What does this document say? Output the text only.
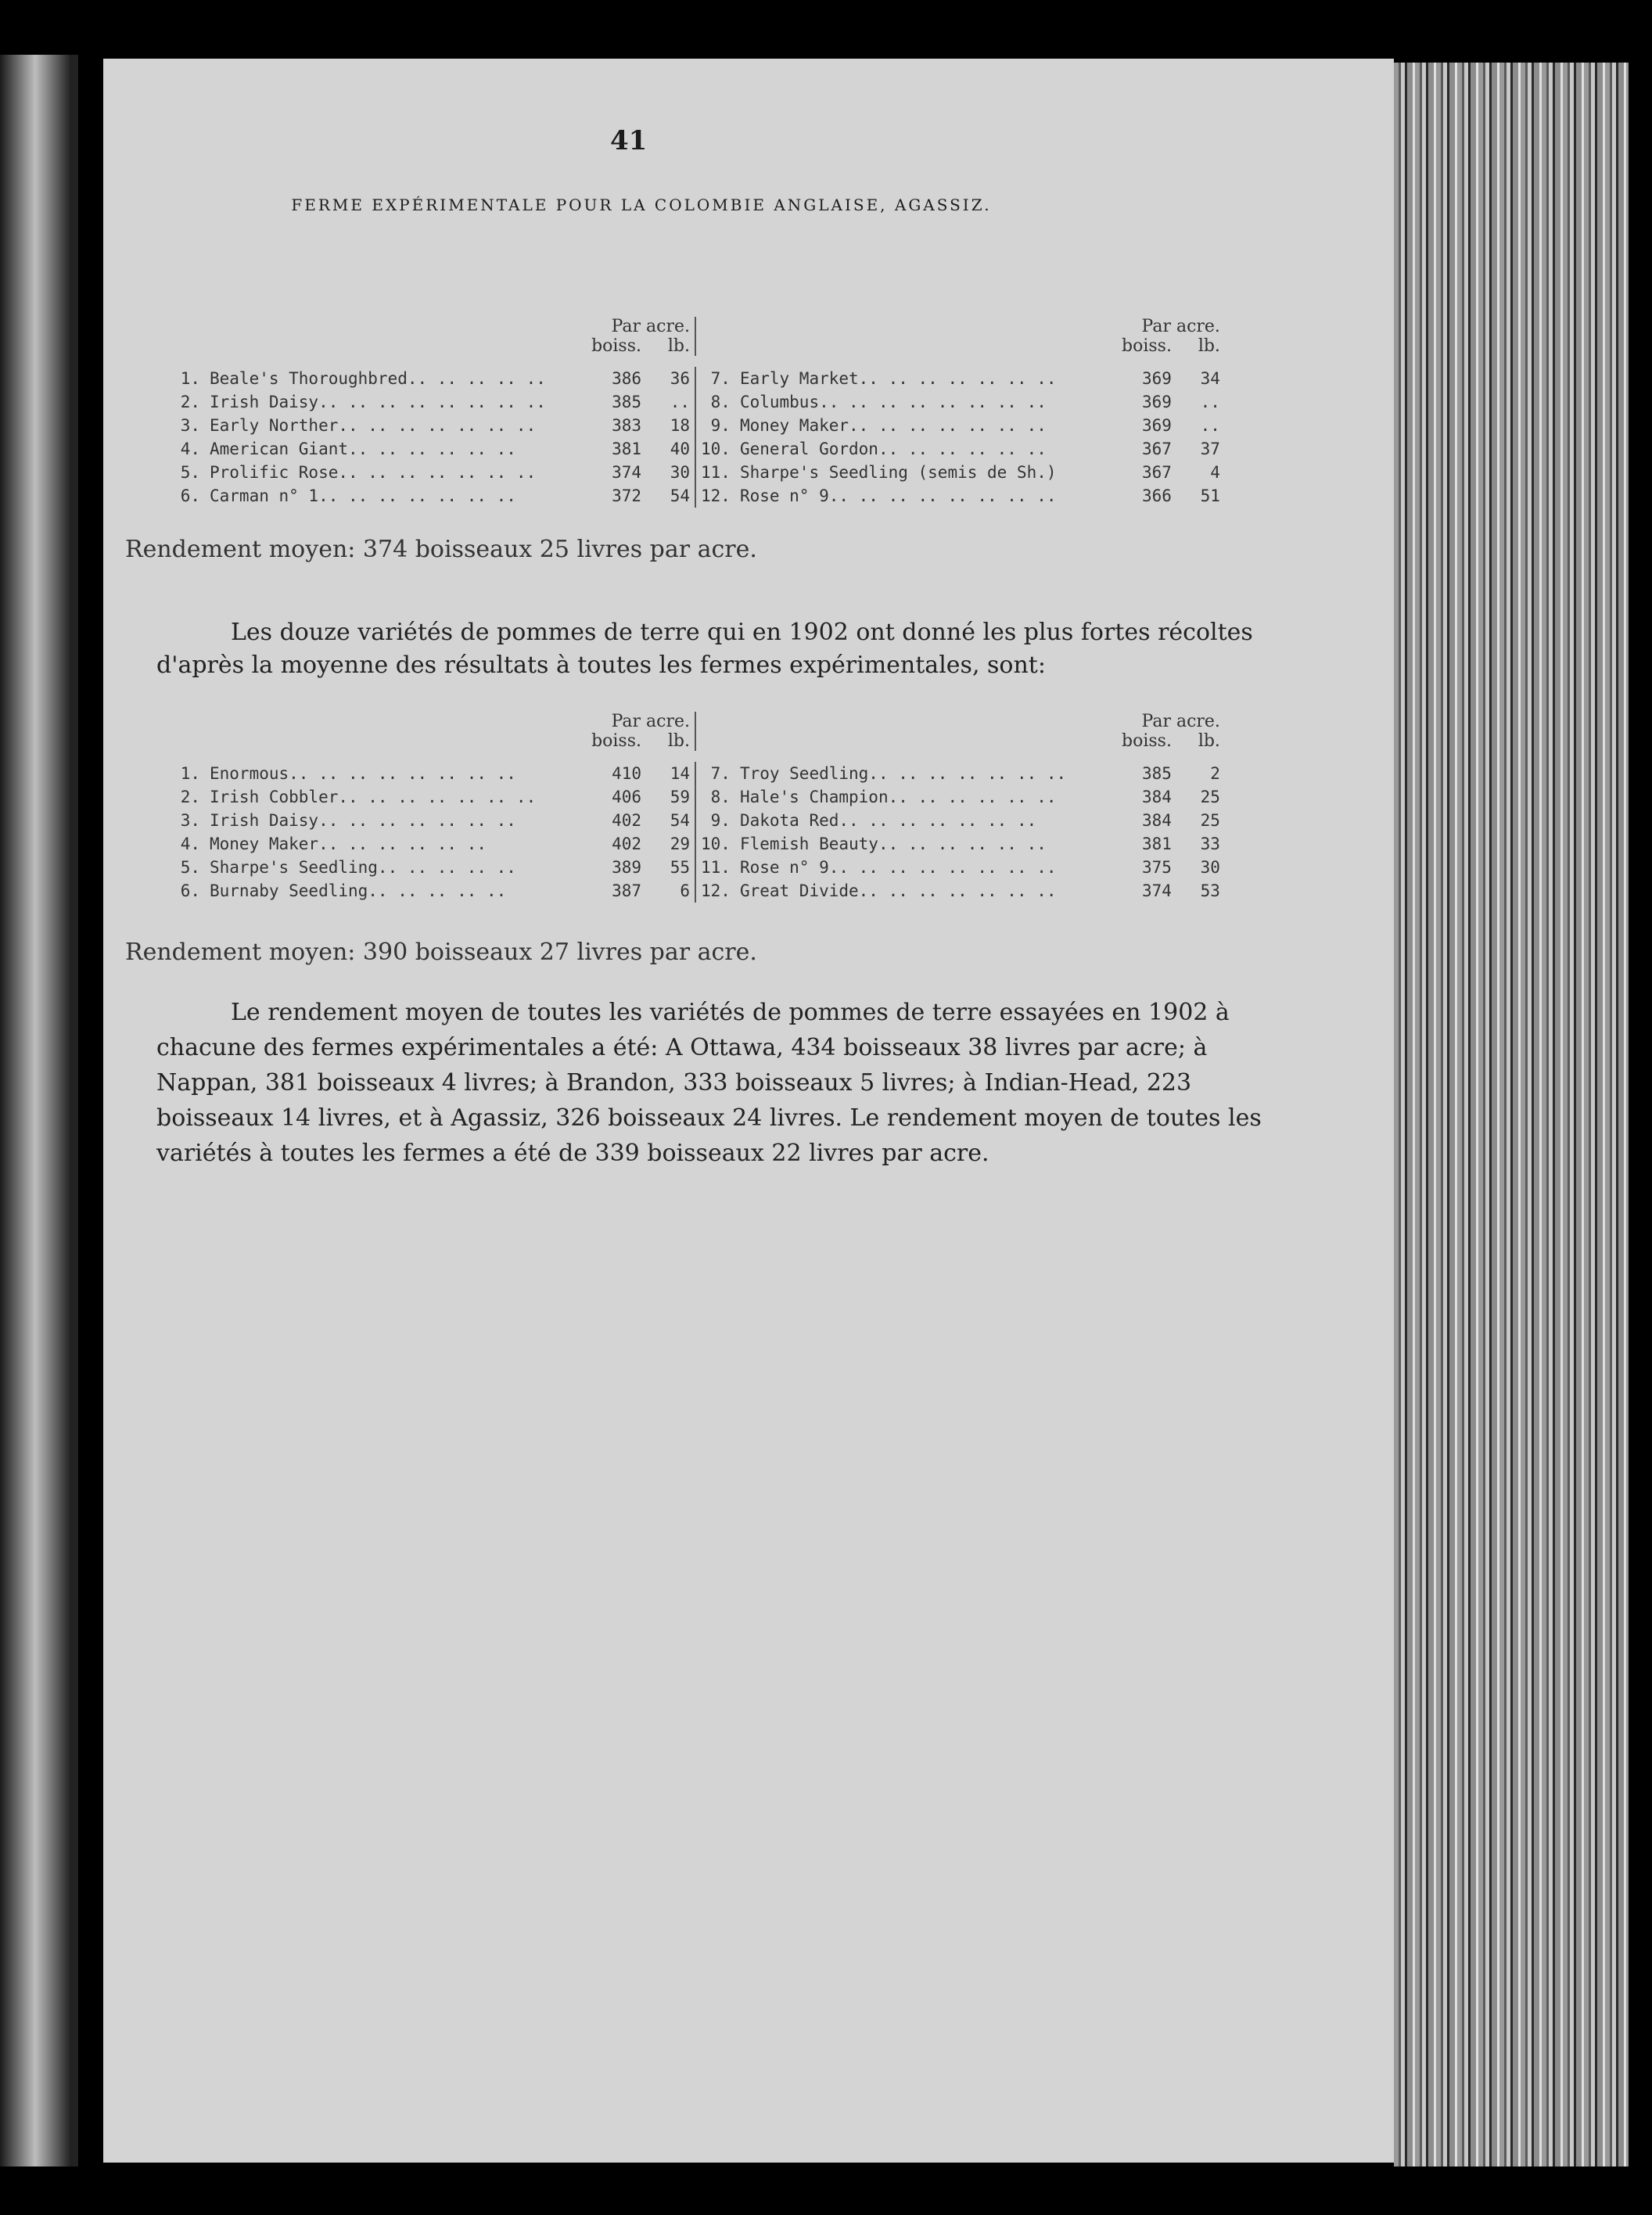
41
FERME EXPÉRIMENTALE POUR LA COLOMBIE ANGLAISE, AGASSIZ.
		Par acre.				Par acre.	
		boiss.	lb.			boiss.	lb.

1.	Beale's Thoroughbred.. .. .. .. ..	386	36	7.	Early Market.. .. .. .. .. .. ..	369	34
2.	Irish Daisy.. .. .. .. .. .. .. ..	385	..	8.	Columbus.. .. .. .. .. .. .. ..	369	..
3.	Early Norther.. .. .. .. .. .. ..	383	18	9.	Money Maker.. .. .. .. .. .. ..	369	..
4.	American Giant.. .. .. .. .. ..	381	40	10.	General Gordon.. .. .. .. .. ..	367	37
5.	Prolific Rose.. .. .. .. .. .. ..	374	30	11.	Sharpe's Seedling (semis de Sh.)	367	4
6.	Carman n° 1.. .. .. .. .. .. ..	372	54	12.	Rose n° 9.. .. .. .. .. .. .. ..	366	51
Rendement moyen: 374 boisseaux 25 livres par acre.
Les douze variétés de pommes de terre qui en 1902 ont donné les plus fortes récoltes d'après la moyenne des résultats à toutes les fermes expérimentales, sont:
		Par acre.				Par acre.	
		boiss.	lb.			boiss.	lb.

1.	Enormous.. .. .. .. .. .. .. ..	410	14	7.	Troy Seedling.. .. .. .. .. .. ..	385	2
2.	Irish Cobbler.. .. .. .. .. .. ..	406	59	8.	Hale's Champion.. .. .. .. .. ..	384	25
3.	Irish Daisy.. .. .. .. .. .. ..	402	54	9.	Dakota Red.. .. .. .. .. .. ..	384	25
4.	Money Maker.. .. .. .. .. ..	402	29	10.	Flemish Beauty.. .. .. .. .. ..	381	33
5.	Sharpe's Seedling.. .. .. .. ..	389	55	11.	Rose n° 9.. .. .. .. .. .. .. ..	375	30
6.	Burnaby Seedling.. .. .. .. ..	387	6	12.	Great Divide.. .. .. .. .. .. ..	374	53
Rendement moyen: 390 boisseaux 27 livres par acre.
Le rendement moyen de toutes les variétés de pommes de terre essayées en 1902 à chacune des fermes expérimentales a été: A Ottawa, 434 boisseaux 38 livres par acre; à Nappan, 381 boisseaux 4 livres; à Brandon, 333 boisseaux 5 livres; à Indian-Head, 223 boisseaux 14 livres, et à Agassiz, 326 boisseaux 24 livres. Le rendement moyen de toutes les variétés à toutes les fermes a été de 339 boisseaux 22 livres par acre.
